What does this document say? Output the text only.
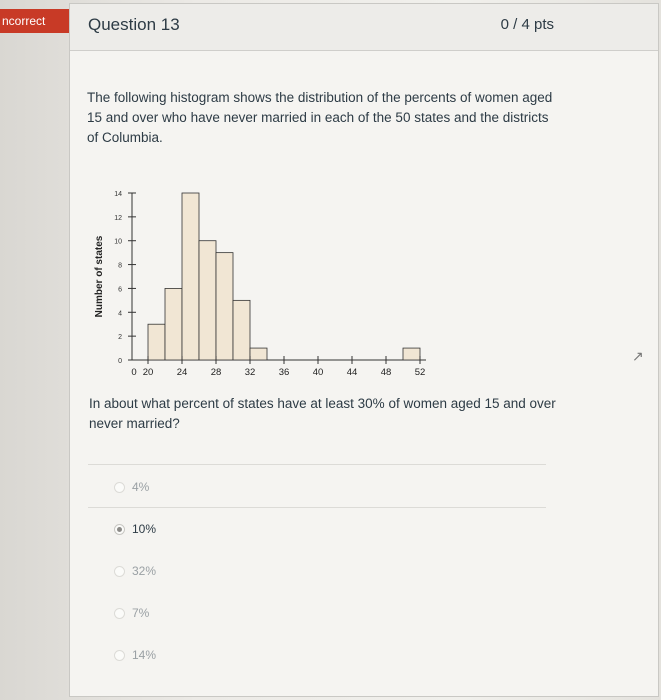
ncorrect	Question 13	0 / 4 pts
The following histogram shows the distribution of the percents of women aged 15 and over who have never married in each of the 50 states and the districts of Columbia.
0
2
4
6
8
10
12
14
Number of states
20 24 28 32 36 40 44 48 52
0
In about what percent of states have at least 30% of women aged 15 and over never married?
4%
10%
32%
7%
14%
↗
